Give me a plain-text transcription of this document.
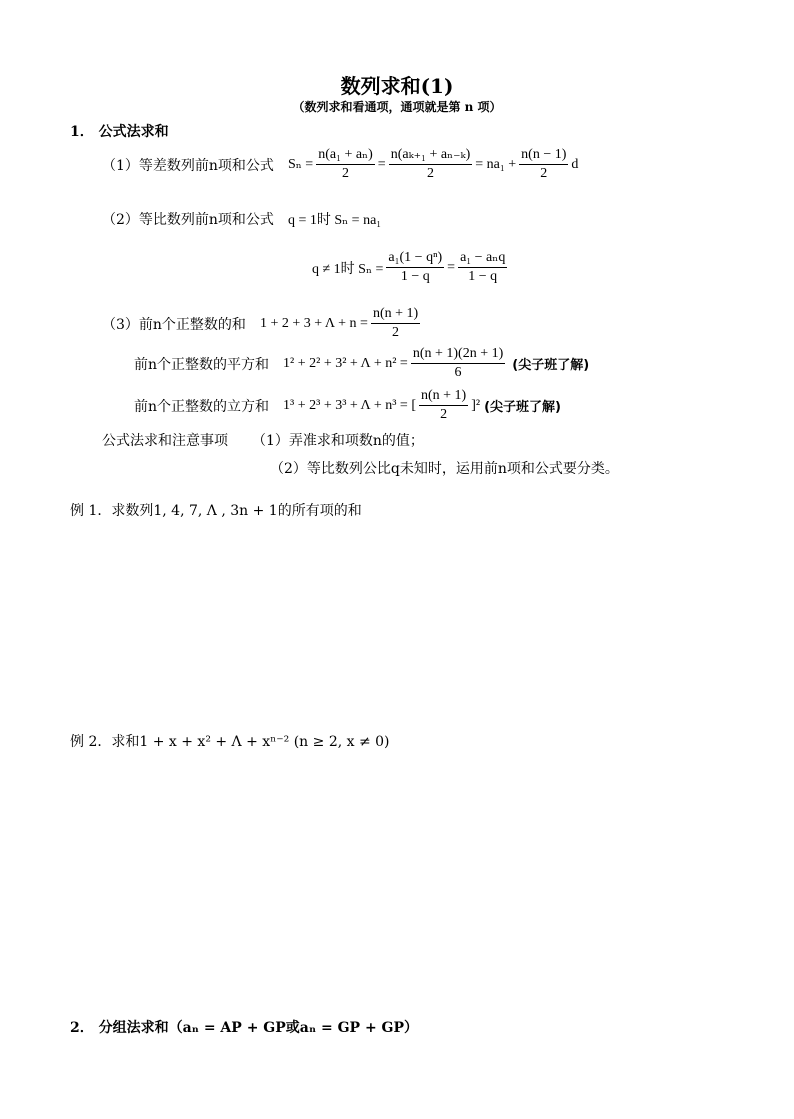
数列求和(1)
（数列求和看通项，通项就是第 n 项）
1． 公式法求和
（1）等差数列前n项和公式 $S_n = \frac{\text{n(a₁ + aₙ)}}{2} = \frac{\text{n(aₖ₊₁ + aₙ₋ₖ)}}{2} = na_1 + \frac{n(n - 1)}{2}$ d
（2）等比数列前n项和公式 q = 1时 Sₙ = na₁
q ≠ 1时 $S_n = \frac{\text{a₁(1 − qⁿ)}}{1 - q} = \frac{\text{a₁ − aₙq}}{1 - q}$
（3）前n个正整数的和 $1 + 2 + 3 + \Lambda + n = \frac{n(n + 1)}{2}$
前n个正整数的平方和 $1^2 + 2^2 + 3^2 + \Lambda + n^2 = \frac{n(n + 1)(2n + 1)}{6}$ (尖子班了解)
前n个正整数的立方和 1³ + 2³ + 3³ + Λ + n³ = [ $\frac{n(n + 1)}{2} ]^2$ (尖子班了解)
公式法求和注意事项 （1）弄准求和项数n的值；
（2）等比数列公比q未知时，运用前n项和公式要分类。
例 1．求数列1, 4, 7, Λ , 3n + 1的所有项的和
例 2．求和1 + x + x² + Λ + xⁿ⁻² (n ≥ 2, x ≠ 0)
2． 分组法求和（aₙ = AP + GP或aₙ = GP + GP）
